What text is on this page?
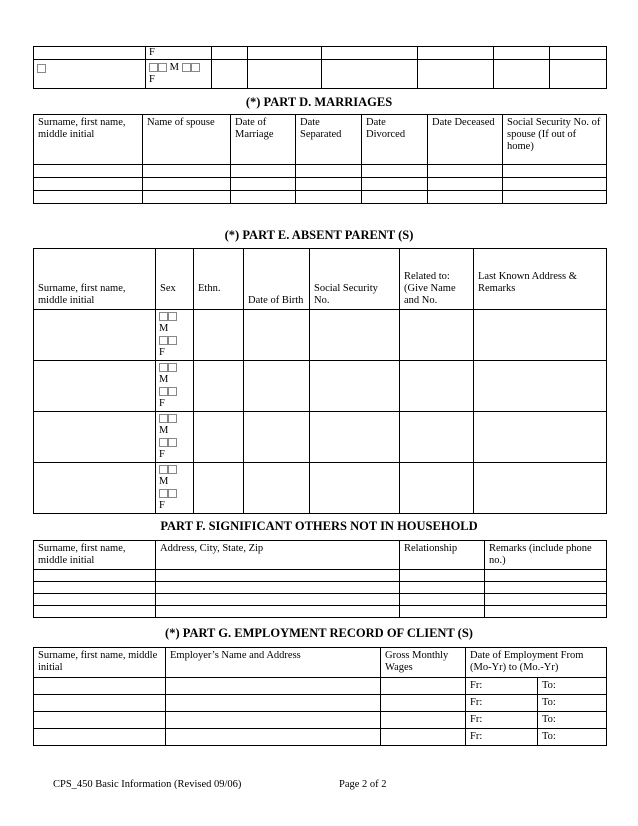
	F						

	M
F						
(*) PART D. MARRIAGES
Surname, first name, middle initial	Name of spouse	Date of Marriage	Date Separated	Date Divorced	Date Deceased	Social Security No. of spouse (If out of home)

(*) PART E. ABSENT PARENT (S)
Surname, first name, middle initial	Sex	Ethn.	Date of Birth	Social Security No.	Related to: (Give Name and No.	Last Known Address & Remarks

	M
F					

	M
F					

	M
F					

	M
F					

PART F. SIGNIFICANT OTHERS NOT IN HOUSEHOLD
Surname, first name, middle initial	Address, City, State, Zip	Relationship	Remarks (include phone no.)

(*) PART G. EMPLOYMENT RECORD OF CLIENT (S)
Surname, first name, middle initial	Employer’s Name and Address	Gross Monthly Wages	Date of Employment From (Mo-Yr) to (Mo.-Yr)	
			Fr:	To:
			Fr:	To:
			Fr:	To:
			Fr:	To:
CPS_450 Basic Information (Revised 09/06)	Page 2 of 2
